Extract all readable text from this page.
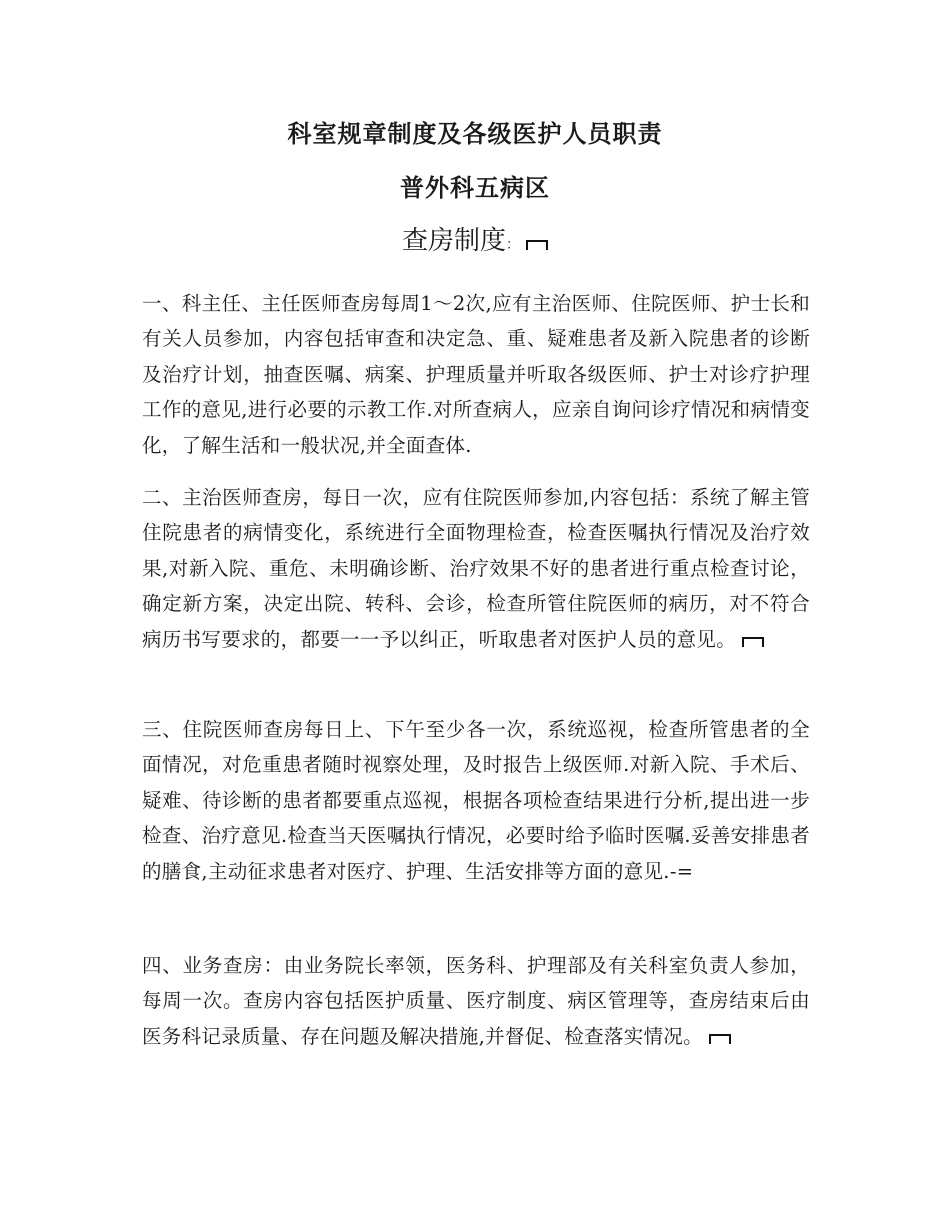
科室规章制度及各级医护人员职责
普外科五病区
查房制度：

一、科主任、主任医师查房每周1～2次,应有主治医师、住院医师、护士长和有关人员参加，内容包括审查和决定急、重、疑难患者及新入院患者的诊断及治疗计划，抽查医嘱、病案、护理质量并听取各级医师、护士对诊疗护理工作的意见,进行必要的示教工作.对所查病人，应亲自询问诊疗情况和病情变化，了解生活和一般状况,并全面查体.

二、主治医师查房，每日一次，应有住院医师参加,内容包括：系统了解主管住院患者的病情变化，系统进行全面物理检查，检查医嘱执行情况及治疗效果,对新入院、重危、未明确诊断、治疗效果不好的患者进行重点检查讨论，确定新方案，决定出院、转科、会诊，检查所管住院医师的病历，对不符合病历书写要求的，都要一一予以纠正，听取患者对医护人员的意见。

三、住院医师查房每日上、下午至少各一次，系统巡视，检查所管患者的全面情况，对危重患者随时视察处理，及时报告上级医师.对新入院、手术后、疑难、待诊断的患者都要重点巡视，根据各项检查结果进行分析,提出进一步检查、治疗意见.检查当天医嘱执行情况，必要时给予临时医嘱.妥善安排患者的膳食,主动征求患者对医疗、护理、生活安排等方面的意见.-=

四、业务查房：由业务院长率领，医务科、护理部及有关科室负责人参加，每周一次。查房内容包括医护质量、医疗制度、病区管理等，查房结束后由医务科记录质量、存在问题及解决措施,并督促、检查落实情况。
